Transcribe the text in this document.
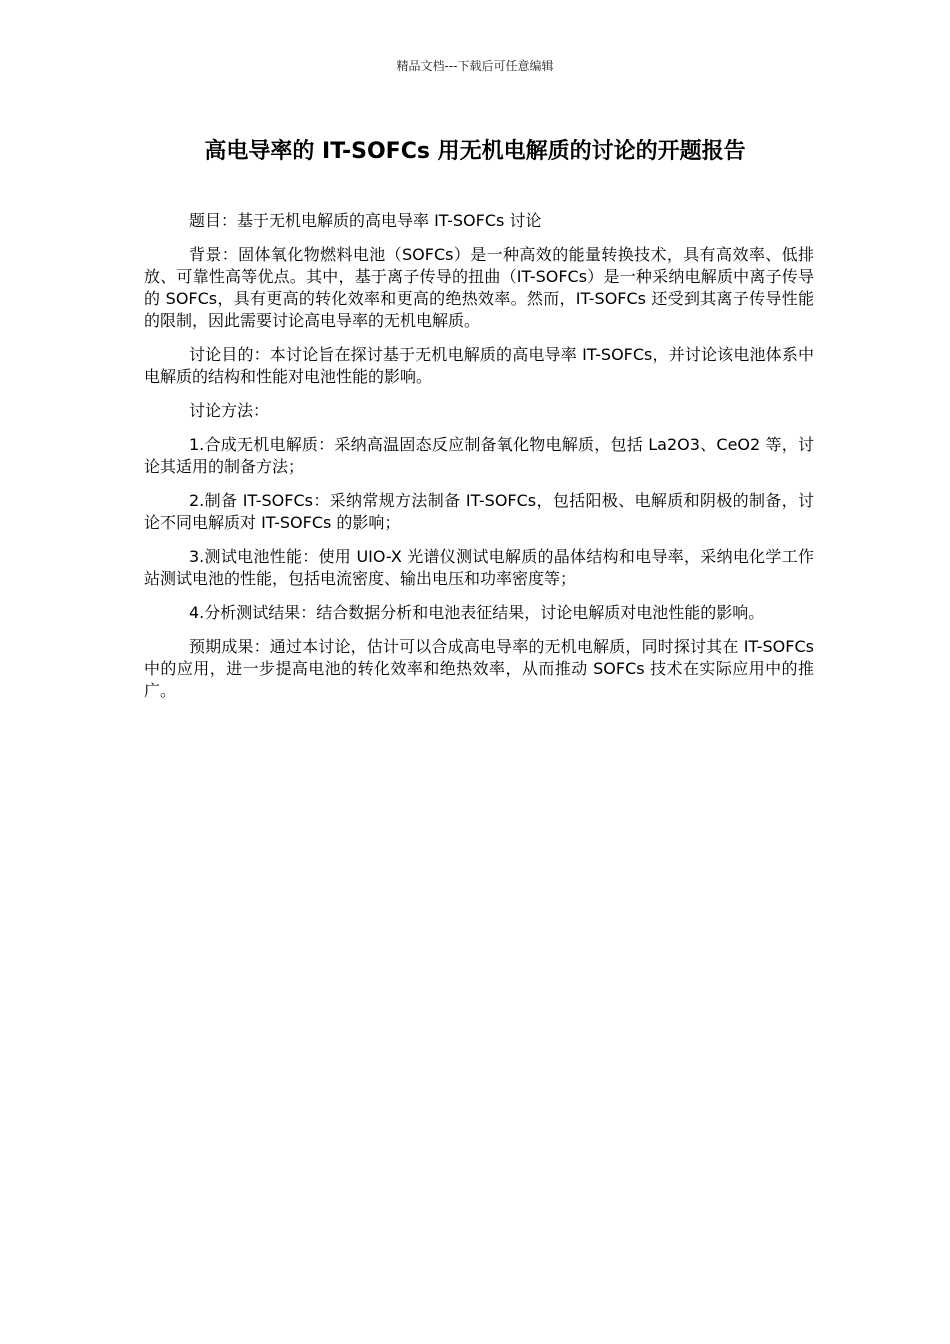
精品文档---下载后可任意编辑
高电导率的 IT-SOFCs 用无机电解质的讨论的开题报告

题目：基于无机电解质的高电导率 IT-SOFCs 讨论

背景：固体氧化物燃料电池（SOFCs）是一种高效的能量转换技术，具有高效率、低排放、可靠性高等优点。其中，基于离子传导的扭曲（IT-SOFCs）是一种采纳电解质中离子传导的 SOFCs，具有更高的转化效率和更高的绝热效率。然而，IT-SOFCs 还受到其离子传导性能的限制，因此需要讨论高电导率的无机电解质。

讨论目的：本讨论旨在探讨基于无机电解质的高电导率 IT-SOFCs，并讨论该电池体系中电解质的结构和性能对电池性能的影响。

讨论方法：

1.合成无机电解质：采纳高温固态反应制备氧化物电解质，包括 La2O3、CeO2 等，讨论其适用的制备方法；

2.制备 IT-SOFCs：采纳常规方法制备 IT-SOFCs，包括阳极、电解质和阴极的制备，讨论不同电解质对 IT-SOFCs 的影响；

3.测试电池性能：使用 UIO-X 光谱仪测试电解质的晶体结构和电导率，采纳电化学工作站测试电池的性能，包括电流密度、输出电压和功率密度等；

4.分析测试结果：结合数据分析和电池表征结果，讨论电解质对电池性能的影响。

预期成果：通过本讨论，估计可以合成高电导率的无机电解质，同时探讨其在 IT-SOFCs 中的应用，进一步提高电池的转化效率和绝热效率，从而推动 SOFCs 技术在实际应用中的推广。
